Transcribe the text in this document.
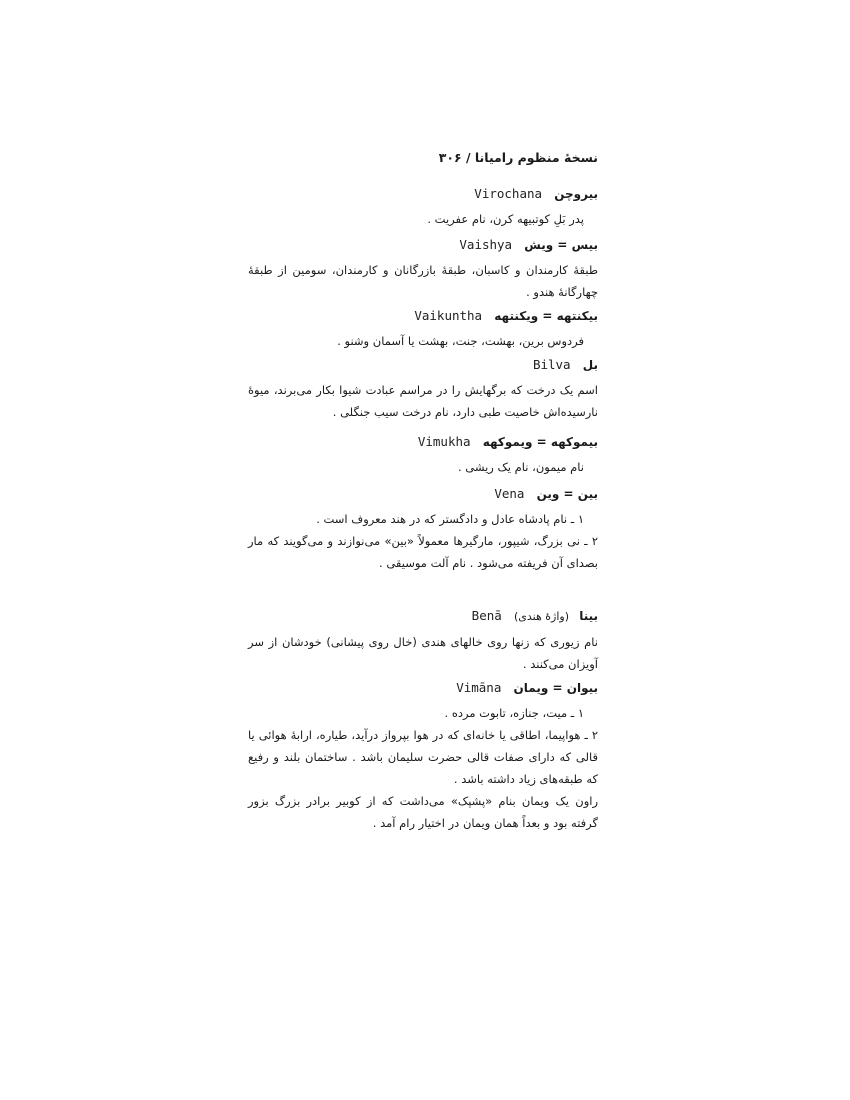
نسخهٔ منظوم رامیانا / ۳۰۶
بیروچن Virochana
پدر بَلِ کوتبیهه کرن، نام عفریت .
بیس = ویش Vaishya
طبقهٔ کارمندان و کاسبان، طبقهٔ بازرگانان و کارمندان، سومین از طبقهٔ چهارگانهٔ هندو .
بیکنتهه = ویکنتهه Vaikuntha
فردوس برین، بهشت، جنت، بهشت یا آسمان وشنو .
بل Bilva
اسم یک درخت که برگهایش را در مراسم عبادت شیوا بکار می‌برند، میوهٔ نارسیده‌اش خاصیت طبی دارد، نام درخت سیب جنگلی .
بیموکهه = ویموکهه Vimukha
نام میمون، نام یک ریشی .
بین = وین Vena
۱ ـ نام پادشاه عادل و دادگستر که در هند معروف است .
۲ ـ نی بزرگ، شیپور، مارگیرها معمولاً «بین» می‌نوازند و می‌گویند که مار بصدای آن فریفته می‌شود . نام آلت موسیقی .
بینا (واژهٔ هندی) Benā
نام زیوری که زنها روی خالهای هندی (خال روی پیشانی) خودشان از سر آویزان می‌کنند .
بیوان = ویمان Vimāna
۱ ـ میت، جنازه، تابوت مرده .
۲ ـ هواپیما، اطاقی یا خانه‌ای که در هوا بپرواز درآید، طیاره، ارابهٔ هوائی یا قالی که دارای صفات قالی حضرت سلیمان باشد . ساختمان بلند و رفیع که طبقه‌های زیاد داشته باشد .
راون یک ویمان بنام «پشپک» می‌داشت که از کوبیر برادر بزرگ بزور گرفته بود و بعداً همان ویمان در اختیار رام آمد .
